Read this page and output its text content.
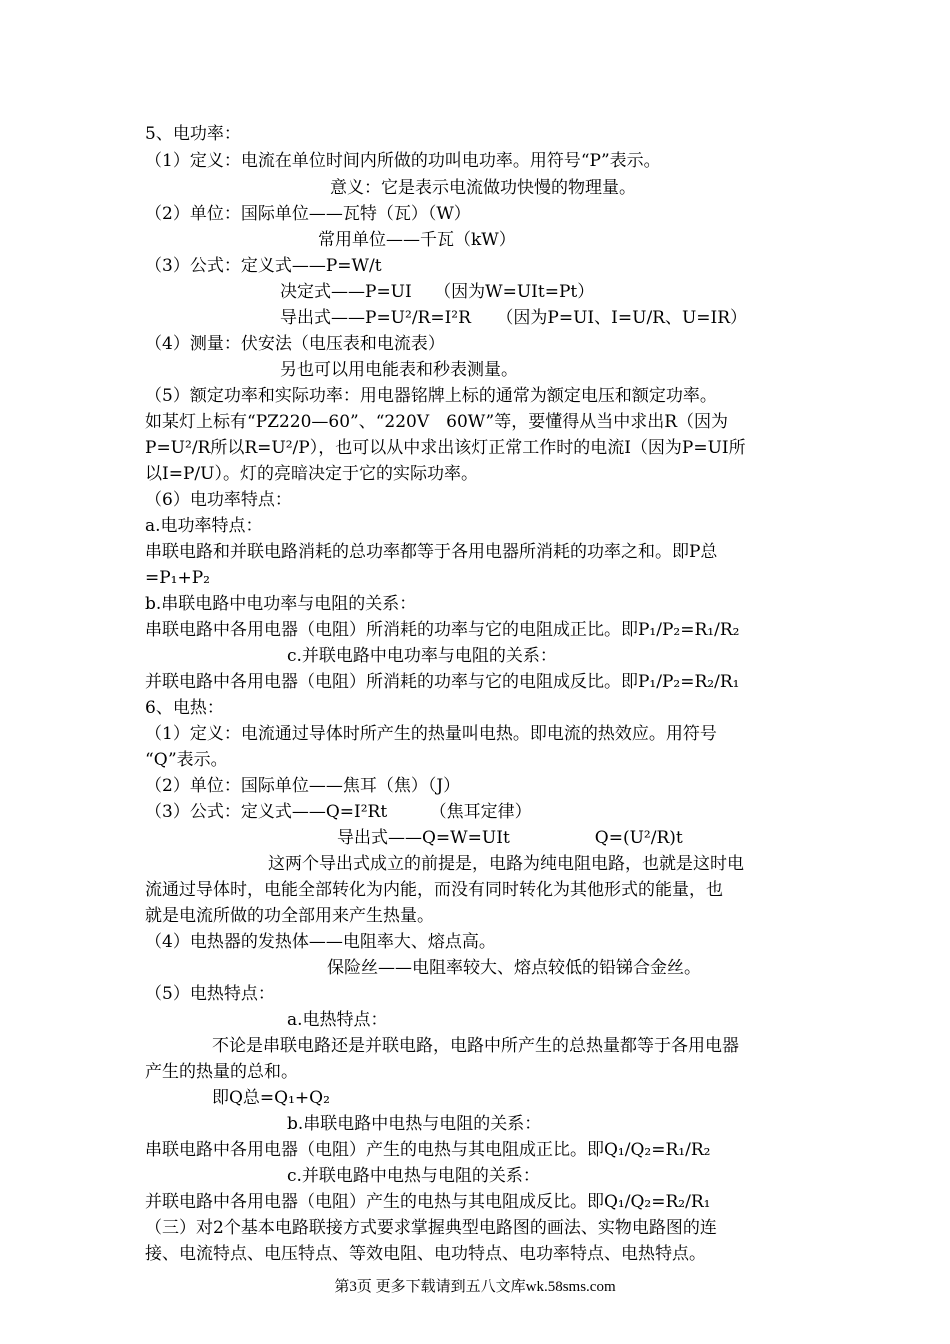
5、电功率：
（1）定义：电流在单位时间内所做的功叫电功率。用符号“P”表示。
意义：它是表示电流做功快慢的物理量。
（2）单位：国际单位——瓦特（瓦）（W）
常用单位——千瓦（kW）
（3）公式：定义式——P=W/t
决定式——P=UI　 （因为W=UIt=Pt）
导出式——P=U²/R=I²R　　（因为P=UI、I=U/R、U=IR）
（4）测量：伏安法（电压表和电流表）
另也可以用电能表和秒表测量。
（5）额定功率和实际功率：用电器铭牌上标的通常为额定电压和额定功率。
如某灯上标有“PZ220—60”、“220V　60W”等，要懂得从当中求出R（因为
P=U²/R所以R=U²/P），也可以从中求出该灯正常工作时的电流I（因为P=UI所
以I=P/U）。灯的亮暗决定于它的实际功率。
（6）电功率特点：
a.电功率特点：
串联电路和并联电路消耗的总功率都等于各用电器所消耗的功率之和。即P总
=P₁+P₂
b.串联电路中电功率与电阻的关系：
串联电路中各用电器（电阻）所消耗的功率与它的电阻成正比。即P₁/P₂=R₁/R₂
c.并联电路中电功率与电阻的关系：
并联电路中各用电器（电阻）所消耗的功率与它的电阻成反比。即P₁/P₂=R₂/R₁
6、电热：
（1）定义：电流通过导体时所产生的热量叫电热。即电流的热效应。用符号
“Q”表示。
（2）单位：国际单位——焦耳（焦）（J）
（3）公式：定义式——Q=I²Rt　　　（焦耳定律）
导出式——Q=W=UIt　　　　　Q=(U²/R)t
这两个导出式成立的前提是，电路为纯电阻电路，也就是这时电
流通过导体时，电能全部转化为内能，而没有同时转化为其他形式的能量，也
就是电流所做的功全部用来产生热量。
（4）电热器的发热体——电阻率大、熔点高。
保险丝——电阻率较大、熔点较低的铅锑合金丝。
（5）电热特点：
a.电热特点：
不论是串联电路还是并联电路，电路中所产生的总热量都等于各用电器
产生的热量的总和。
即Q总=Q₁+Q₂
b.串联电路中电热与电阻的关系：
串联电路中各用电器（电阻）产生的电热与其电阻成正比。即Q₁/Q₂=R₁/R₂
c.并联电路中电热与电阻的关系：
并联电路中各用电器（电阻）产生的电热与其电阻成反比。即Q₁/Q₂=R₂/R₁
（三）对2个基本电路联接方式要求掌握典型电路图的画法、实物电路图的连
接、电流特点、电压特点、等效电阻、电功特点、电功率特点、电热特点。
第3页 更多下载请到五八文库wk.58sms.com
